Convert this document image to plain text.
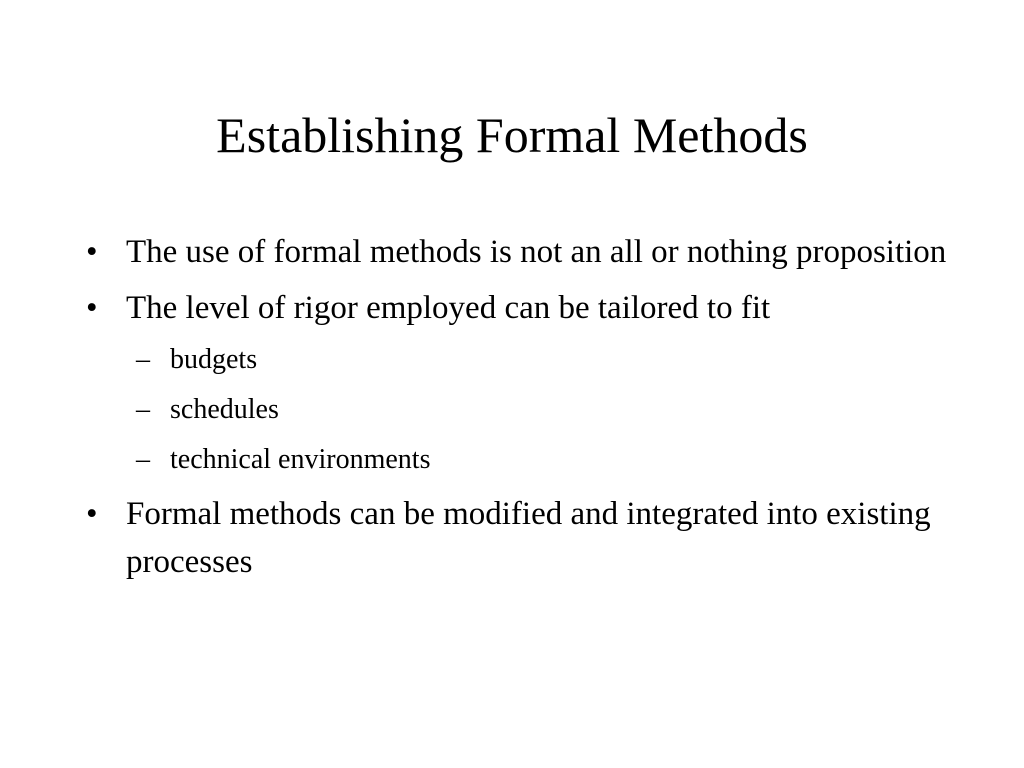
Establishing Formal Methods
• The use of formal methods is not an all or nothing proposition
• The level of rigor employed can be tailored to fit
– budgets
– schedules
– technical environments
• Formal methods can be modified and integrated into existing processes
